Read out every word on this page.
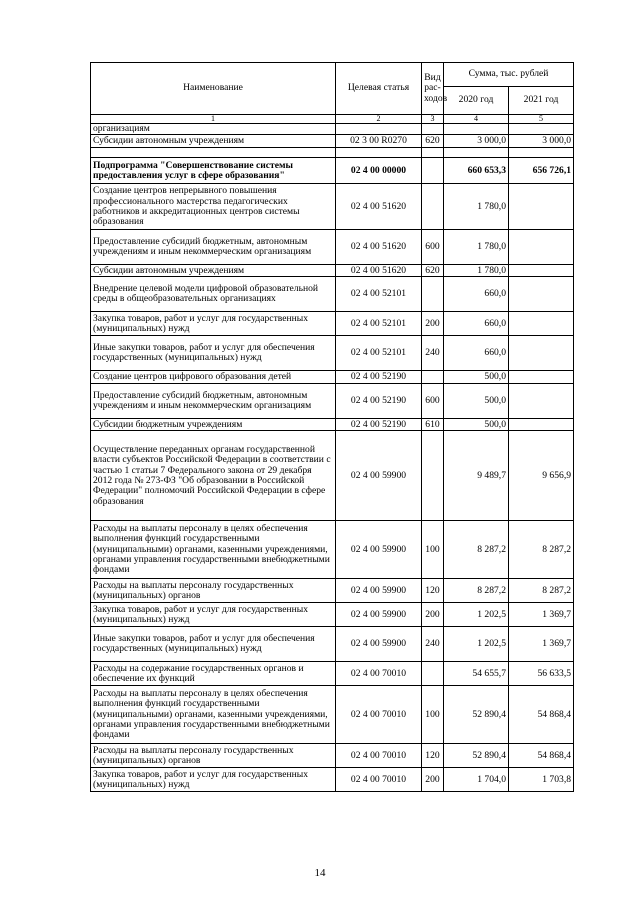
Наименование	Целевая статья	Вид рас-ходов	Сумма, тыс. рублей	
			2020 год	2021 год
1	2	3	4	5
организациям				
Субсидии автономным учреждениям	02 3 00 R0270	620	3 000,0	3 000,0

Подпрограмма "Совершенствование системы предоставления услуг в сфере образования"	02 4 00 00000		660 653,3	656 726,1
Создание центров непрерывного повышения профессионального мастерства педагогических работников и аккредитационных центров системы образования	02 4 00 51620		1 780,0	
Предоставление субсидий бюджетным, автономным учреждениям и иным некоммерческим организациям	02 4 00 51620	600	1 780,0	
Субсидии автономным учреждениям	02 4 00 51620	620	1 780,0	
Внедрение целевой модели цифровой образовательной среды в общеобразовательных организациях	02 4 00 52101		660,0	
Закупка товаров, работ и услуг для государственных (муниципальных) нужд	02 4 00 52101	200	660,0	
Иные закупки товаров, работ и услуг для обеспечения государственных (муниципальных) нужд	02 4 00 52101	240	660,0	
Создание центров цифрового образования детей	02 4 00 52190		500,0	
Предоставление субсидий бюджетным, автономным учреждениям и иным некоммерческим организациям	02 4 00 52190	600	500,0	
Субсидии бюджетным учреждениям	02 4 00 52190	610	500,0	
Осуществление переданных органам государственной власти субъектов Российской Федерации в соответствии с частью 1 статьи 7 Федерального закона от 29 декабря 2012 года № 273-ФЗ "Об образовании в Российской Федерации" полномочий Российской Федерации в сфере образования	02 4 00 59900		9 489,7	9 656,9
Расходы на выплаты персоналу в целях обеспечения выполнения функций государственными (муниципальными) органами, казенными учреждениями, органами управления государственными внебюджетными фондами	02 4 00 59900	100	8 287,2	8 287,2
Расходы на выплаты персоналу государственных (муниципальных) органов	02 4 00 59900	120	8 287,2	8 287,2
Закупка товаров, работ и услуг для государственных (муниципальных) нужд	02 4 00 59900	200	1 202,5	1 369,7
Иные закупки товаров, работ и услуг для обеспечения государственных (муниципальных) нужд	02 4 00 59900	240	1 202,5	1 369,7
Расходы на содержание государственных органов и обеспечение их функций	02 4 00 70010		54 655,7	56 633,5
Расходы на выплаты персоналу в целях обеспечения выполнения функций государственными (муниципальными) органами, казенными учреждениями, органами управления государственными внебюджетными фондами	02 4 00 70010	100	52 890,4	54 868,4
Расходы на выплаты персоналу государственных (муниципальных) органов	02 4 00 70010	120	52 890,4	54 868,4
Закупка товаров, работ и услуг для государственных (муниципальных) нужд	02 4 00 70010	200	1 704,0	1 703,8
14
